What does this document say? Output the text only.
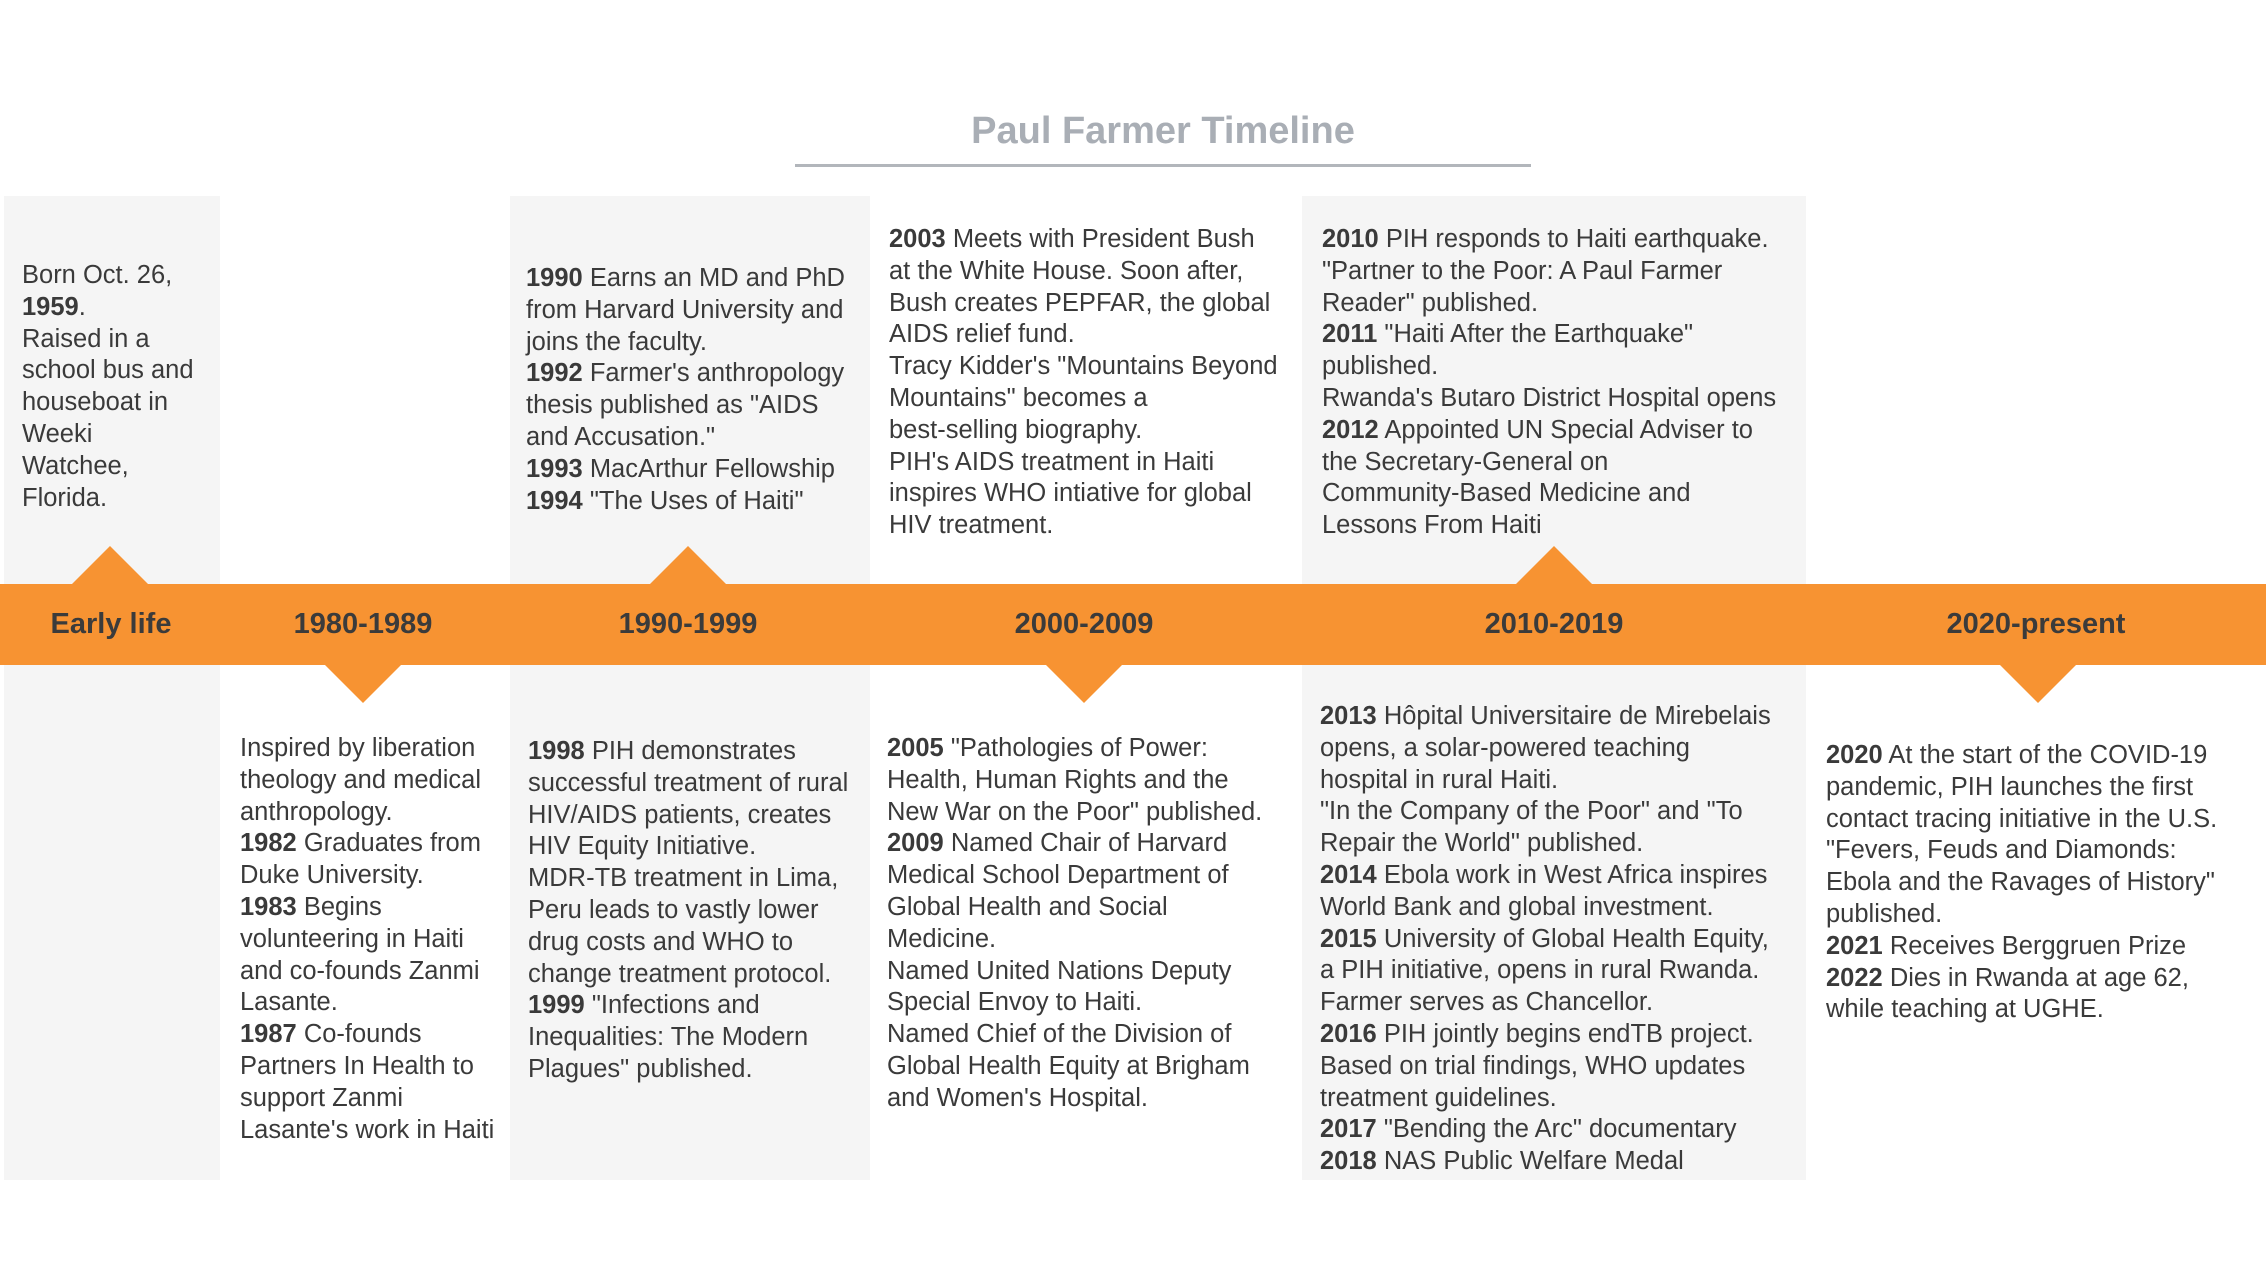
Paul Farmer Timeline
Early life	1980-1989	1990-1999	2000-2009	2010-2019	2020-present
Born Oct. 26,
1959.
Raised in a
school bus and
houseboat in
Weeki
Watchee,
Florida.
Inspired by liberation
theology and medical
anthropology.
1982 Graduates from
Duke University.
1983 Begins
volunteering in Haiti
and co-founds Zanmi
Lasante.
1987 Co-founds
Partners In Health to
support Zanmi
Lasante's work in Haiti
1990 Earns an MD and PhD
from Harvard University and
joins the faculty.
1992 Farmer's anthropology
thesis published as "AIDS
and Accusation."
1993 MacArthur Fellowship
1994 "The Uses of Haiti"
1998 PIH demonstrates
successful treatment of rural
HIV/AIDS patients, creates
HIV Equity Initiative.
MDR-TB treatment in Lima,
Peru leads to vastly lower
drug costs and WHO to
change treatment protocol.
1999 "Infections and
Inequalities: The Modern
Plagues" published.
2003 Meets with President Bush
at the White House. Soon after,
Bush creates PEPFAR, the global
AIDS relief fund.
Tracy Kidder's "Mountains Beyond
Mountains" becomes a
best-selling biography.
PIH's AIDS treatment in Haiti
inspires WHO intiative for global
HIV treatment.
2005 "Pathologies of Power:
Health, Human Rights and the
New War on the Poor" published.
2009 Named Chair of Harvard
Medical School Department of
Global Health and Social
Medicine.
Named United Nations Deputy
Special Envoy to Haiti.
Named Chief of the Division of
Global Health Equity at Brigham
and Women's Hospital.
2010 PIH responds to Haiti earthquake.
"Partner to the Poor: A Paul Farmer
Reader" published.
2011 "Haiti After the Earthquake"
published.
Rwanda's Butaro District Hospital opens
2012 Appointed UN Special Adviser to
the Secretary-General on
Community-Based Medicine and
Lessons From Haiti
2013 Hôpital Universitaire de Mirebelais
opens, a solar-powered teaching
hospital in rural Haiti.
"In the Company of the Poor" and "To
Repair the World" published.
2014 Ebola work in West Africa inspires
World Bank and global investment.
2015 University of Global Health Equity,
a PIH initiative, opens in rural Rwanda.
Farmer serves as Chancellor.
2016 PIH jointly begins endTB project.
Based on trial findings, WHO updates
treatment guidelines.
2017 "Bending the Arc" documentary
2018 NAS Public Welfare Medal
2020 At the start of the COVID-19
pandemic, PIH launches the first
contact tracing initiative in the U.S.
"Fevers, Feuds and Diamonds:
Ebola and the Ravages of History"
published.
2021 Receives Berggruen Prize
2022 Dies in Rwanda at age 62,
while teaching at UGHE.
